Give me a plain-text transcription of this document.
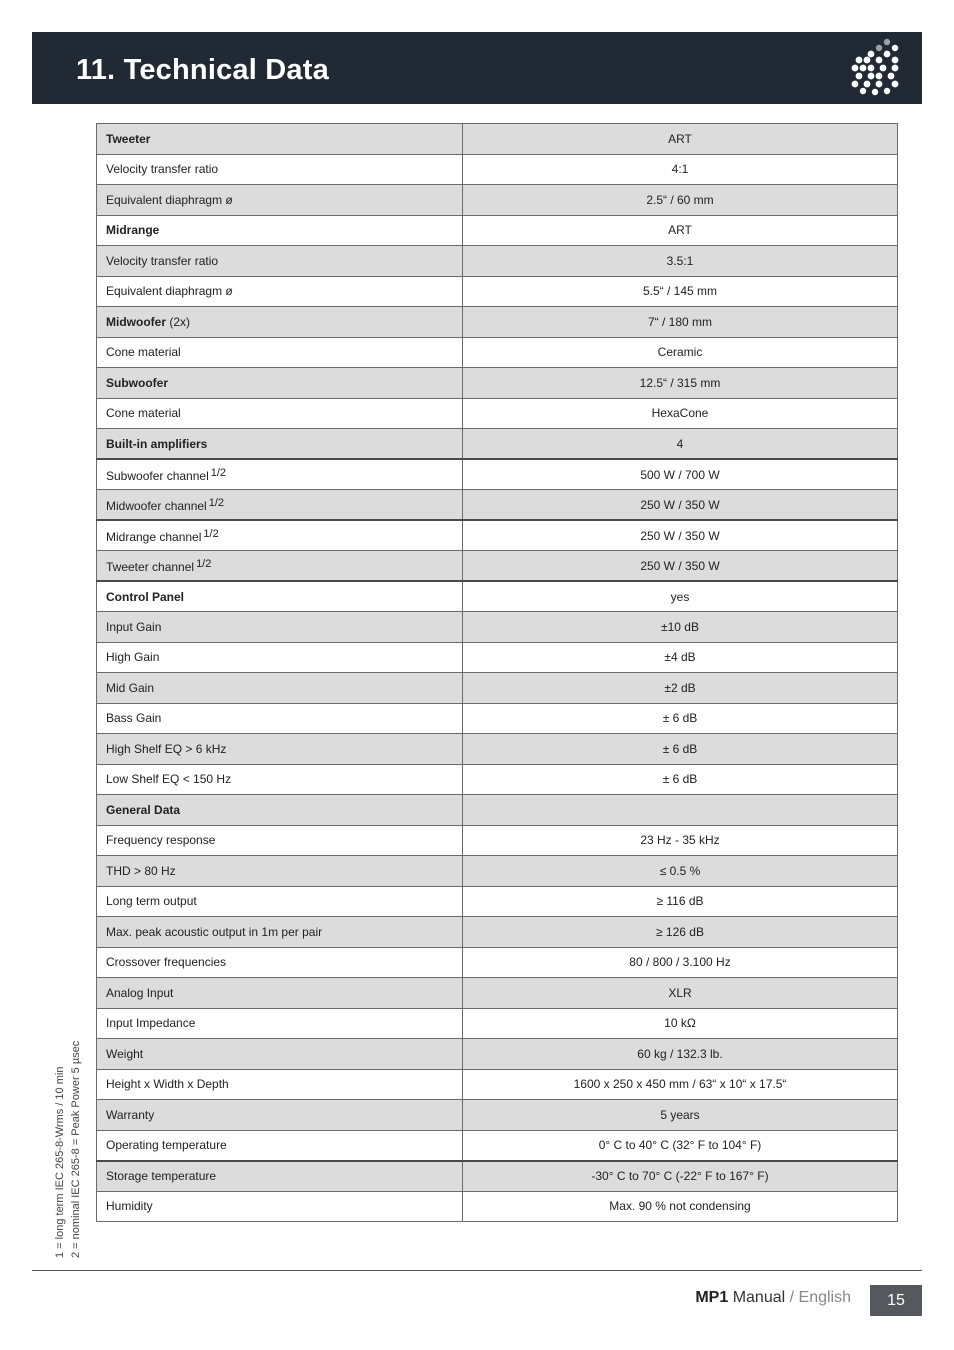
11. Technical Data
Tweeter	ART
Velocity transfer ratio	4:1
Equivalent diaphragm ø	2.5“ / 60 mm
Midrange	ART
Velocity transfer ratio	3.5:1
Equivalent diaphragm ø	5.5“ / 145 mm
Midwoofer (2x)	7“ / 180 mm
Cone material	Ceramic
Subwoofer	12.5“ / 315 mm
Cone material	HexaCone
Built-in amplifiers	4
Subwoofer channel $^{1/2}$	500 W / 700 W
Midwoofer channel $^{1/2}$	250 W / 350 W
Midrange channel $^{1/2}$	250 W / 350 W
Tweeter channel $^{1/2}$	250 W / 350 W
Control Panel	yes
Input Gain	±10 dB
High Gain	±4 dB
Mid Gain	±2 dB
Bass Gain	± 6 dB
High Shelf EQ > 6 kHz	± 6 dB
Low Shelf EQ < 150 Hz	± 6 dB
General Data	
Frequency response	23 Hz - 35 kHz
THD > 80 Hz	≤ 0.5 %
Long term output	≥ 116 dB
Max. peak acoustic output in 1m per pair	≥ 126 dB
Crossover frequencies	80 / 800 / 3.100 Hz
Analog Input	XLR
Input Impedance	10 kΩ
Weight	60 kg / 132.3 lb.
Height x Width x Depth	1600 x 250 x 450 mm / 63“ x 10“ x 17.5“
Warranty	5 years
Operating temperature	0° C to 40° C (32° F to 104° F)
Storage temperature	-30° C to 70° C (-22° F to 167° F)
Humidity	Max. 90 % not condensing
1 = long term IEC 265-8-Wrms / 10 min 2 = nominal IEC 265-8 = Peak Power 5 µsec
MP1 Manual / English	15
